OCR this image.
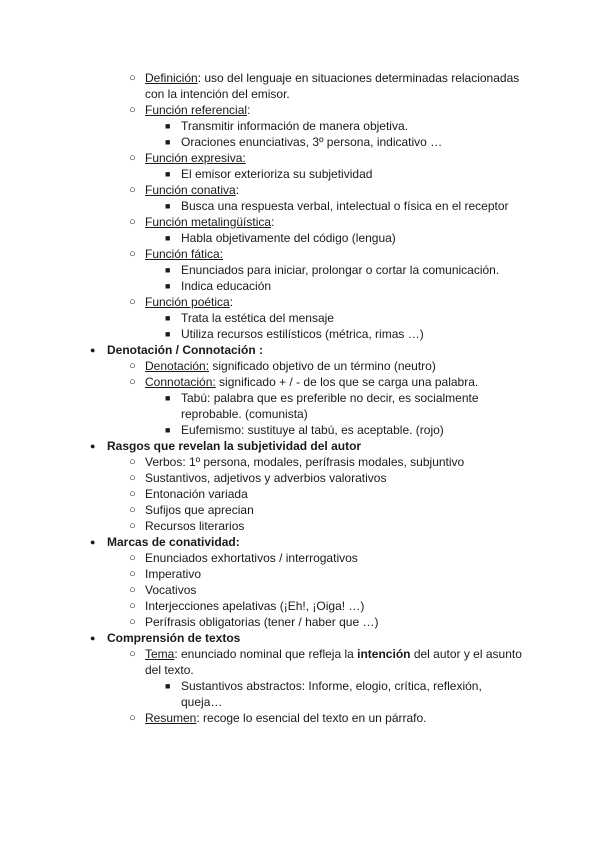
○ Definición: uso del lenguaje en situaciones determinadas relacionadas con la intención del emisor.
○ Función referencial:
■ Transmitir información de manera objetiva.
■ Oraciones enunciativas, 3º persona, indicativo …
○ Función expresiva:
■ El emisor exterioriza su subjetividad
○ Función conativa:
■ Busca una respuesta verbal, intelectual o física en el receptor
○ Función metalingüística:
■ Habla objetivamente del código (lengua)
○ Función fática:
■ Enunciados para iniciar, prolongar o cortar la comunicación.
■ Indica educación
○ Función poética:
■ Trata la estética del mensaje
■ Utiliza recursos estilísticos (métrica, rimas …)
● Denotación / Connotación :
○ Denotación: significado objetivo de un término (neutro)
○ Connotación: significado + / - de los que se carga una palabra.
■ Tabú: palabra que es preferible no decir, es socialmente reprobable. (comunista)
■ Eufemismo: sustituye al tabú, es aceptable. (rojo)
● Rasgos que revelan la subjetividad del autor
○ Verbos: 1º persona, modales, perífrasis modales, subjuntivo
○ Sustantivos, adjetivos y adverbios valorativos
○ Entonación variada
○ Sufijos que aprecian
○ Recursos literarios
● Marcas de conatividad:
○ Enunciados exhortativos / interrogativos
○ Imperativo
○ Vocativos
○ Interjecciones apelativas (¡Eh!, ¡Oiga! …)
○ Perífrasis obligatorias (tener / haber que …)
● Comprensión de textos
○ Tema: enunciado nominal que refleja la intención del autor y el asunto del texto.
■ Sustantivos abstractos: Informe, elogio, crítica, reflexión, queja…
○ Resumen: recoge lo esencial del texto en un párrafo.
